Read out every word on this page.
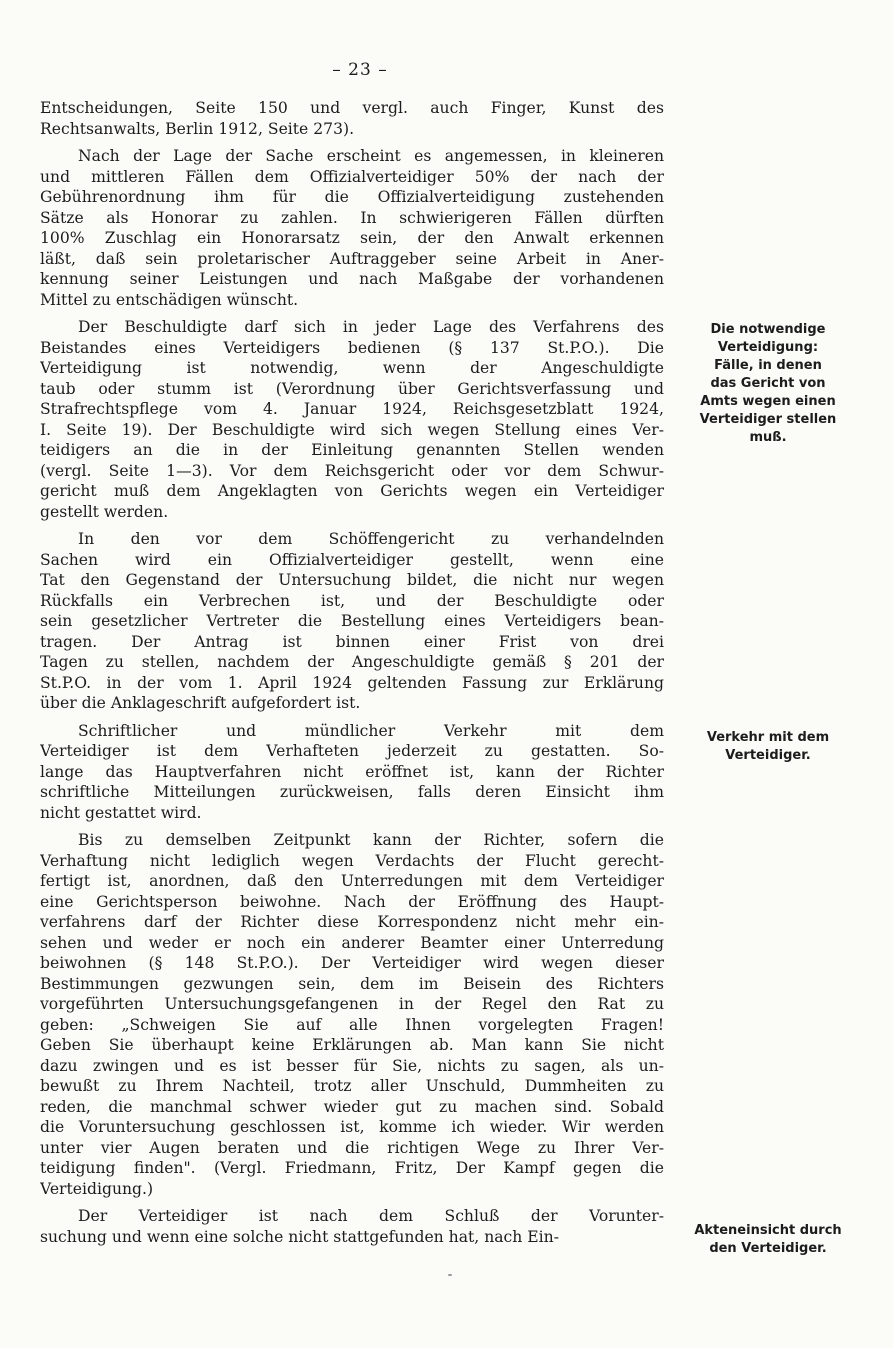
– 23 –
Entscheidungen, Seite 150 und vergl. auch Finger, Kunst des
Rechtsanwalts, Berlin 1912, Seite 273).
Nach der Lage der Sache erscheint es angemessen, in kleineren
und mittleren Fällen dem Offizialverteidiger 50% der nach der
Gebührenordnung ihm für die Offizialverteidigung zustehenden
Sätze als Honorar zu zahlen. In schwierigeren Fällen dürften
100% Zuschlag ein Honorarsatz sein, der den Anwalt erkennen
läßt, daß sein proletarischer Auftraggeber seine Arbeit in Aner-
kennung seiner Leistungen und nach Maßgabe der vorhandenen
Mittel zu entschädigen wünscht.
Der Beschuldigte darf sich in jeder Lage des Verfahrens des
Beistandes eines Verteidigers bedienen (§ 137 St.P.O.). Die
Verteidigung ist notwendig, wenn der Angeschuldigte
taub oder stumm ist (Verordnung über Gerichtsverfassung und
Strafrechtspflege vom 4. Januar 1924, Reichsgesetzblatt 1924,
I. Seite 19). Der Beschuldigte wird sich wegen Stellung eines Ver-
teidigers an die in der Einleitung genannten Stellen wenden
(vergl. Seite 1—3). Vor dem Reichsgericht oder vor dem Schwur-
gericht muß dem Angeklagten von Gerichts wegen ein Verteidiger
gestellt werden.
In den vor dem Schöffengericht zu verhandelnden
Sachen wird ein Offizialverteidiger gestellt, wenn eine
Tat den Gegenstand der Untersuchung bildet, die nicht nur wegen
Rückfalls ein Verbrechen ist, und der Beschuldigte oder
sein gesetzlicher Vertreter die Bestellung eines Verteidigers bean-
tragen. Der Antrag ist binnen einer Frist von drei
Tagen zu stellen, nachdem der Angeschuldigte gemäß § 201 der
St.P.O. in der vom 1. April 1924 geltenden Fassung zur Erklärung
über die Anklageschrift aufgefordert ist.
Schriftlicher und mündlicher Verkehr mit dem
Verteidiger ist dem Verhafteten jederzeit zu gestatten. So-
lange das Hauptverfahren nicht eröffnet ist, kann der Richter
schriftliche Mitteilungen zurückweisen, falls deren Einsicht ihm
nicht gestattet wird.
Bis zu demselben Zeitpunkt kann der Richter, sofern die
Verhaftung nicht lediglich wegen Verdachts der Flucht gerecht-
fertigt ist, anordnen, daß den Unterredungen mit dem Verteidiger
eine Gerichtsperson beiwohne. Nach der Eröffnung des Haupt-
verfahrens darf der Richter diese Korrespondenz nicht mehr ein-
sehen und weder er noch ein anderer Beamter einer Unterredung
beiwohnen (§ 148 St.P.O.). Der Verteidiger wird wegen dieser
Bestimmungen gezwungen sein, dem im Beisein des Richters
vorgeführten Untersuchungsgefangenen in der Regel den Rat zu
geben: „Schweigen Sie auf alle Ihnen vorgelegten Fragen!
Geben Sie überhaupt keine Erklärungen ab. Man kann Sie nicht
dazu zwingen und es ist besser für Sie, nichts zu sagen, als un-
bewußt zu Ihrem Nachteil, trotz aller Unschuld, Dummheiten zu
reden, die manchmal schwer wieder gut zu machen sind. Sobald
die Voruntersuchung geschlossen ist, komme ich wieder. Wir werden
unter vier Augen beraten und die richtigen Wege zu Ihrer Ver-
teidigung finden". (Vergl. Friedmann, Fritz, Der Kampf gegen die
Verteidigung.)
Der Verteidiger ist nach dem Schluß der Vorunter-
suchung und wenn eine solche nicht stattgefunden hat, nach Ein-
Die notwendige
Verteidigung:
Fälle, in denen
das Gericht von
Amts wegen einen
Verteidiger stellen
muß.
Verkehr mit dem
Verteidiger.
Akteneinsicht durch
den Verteidiger.
